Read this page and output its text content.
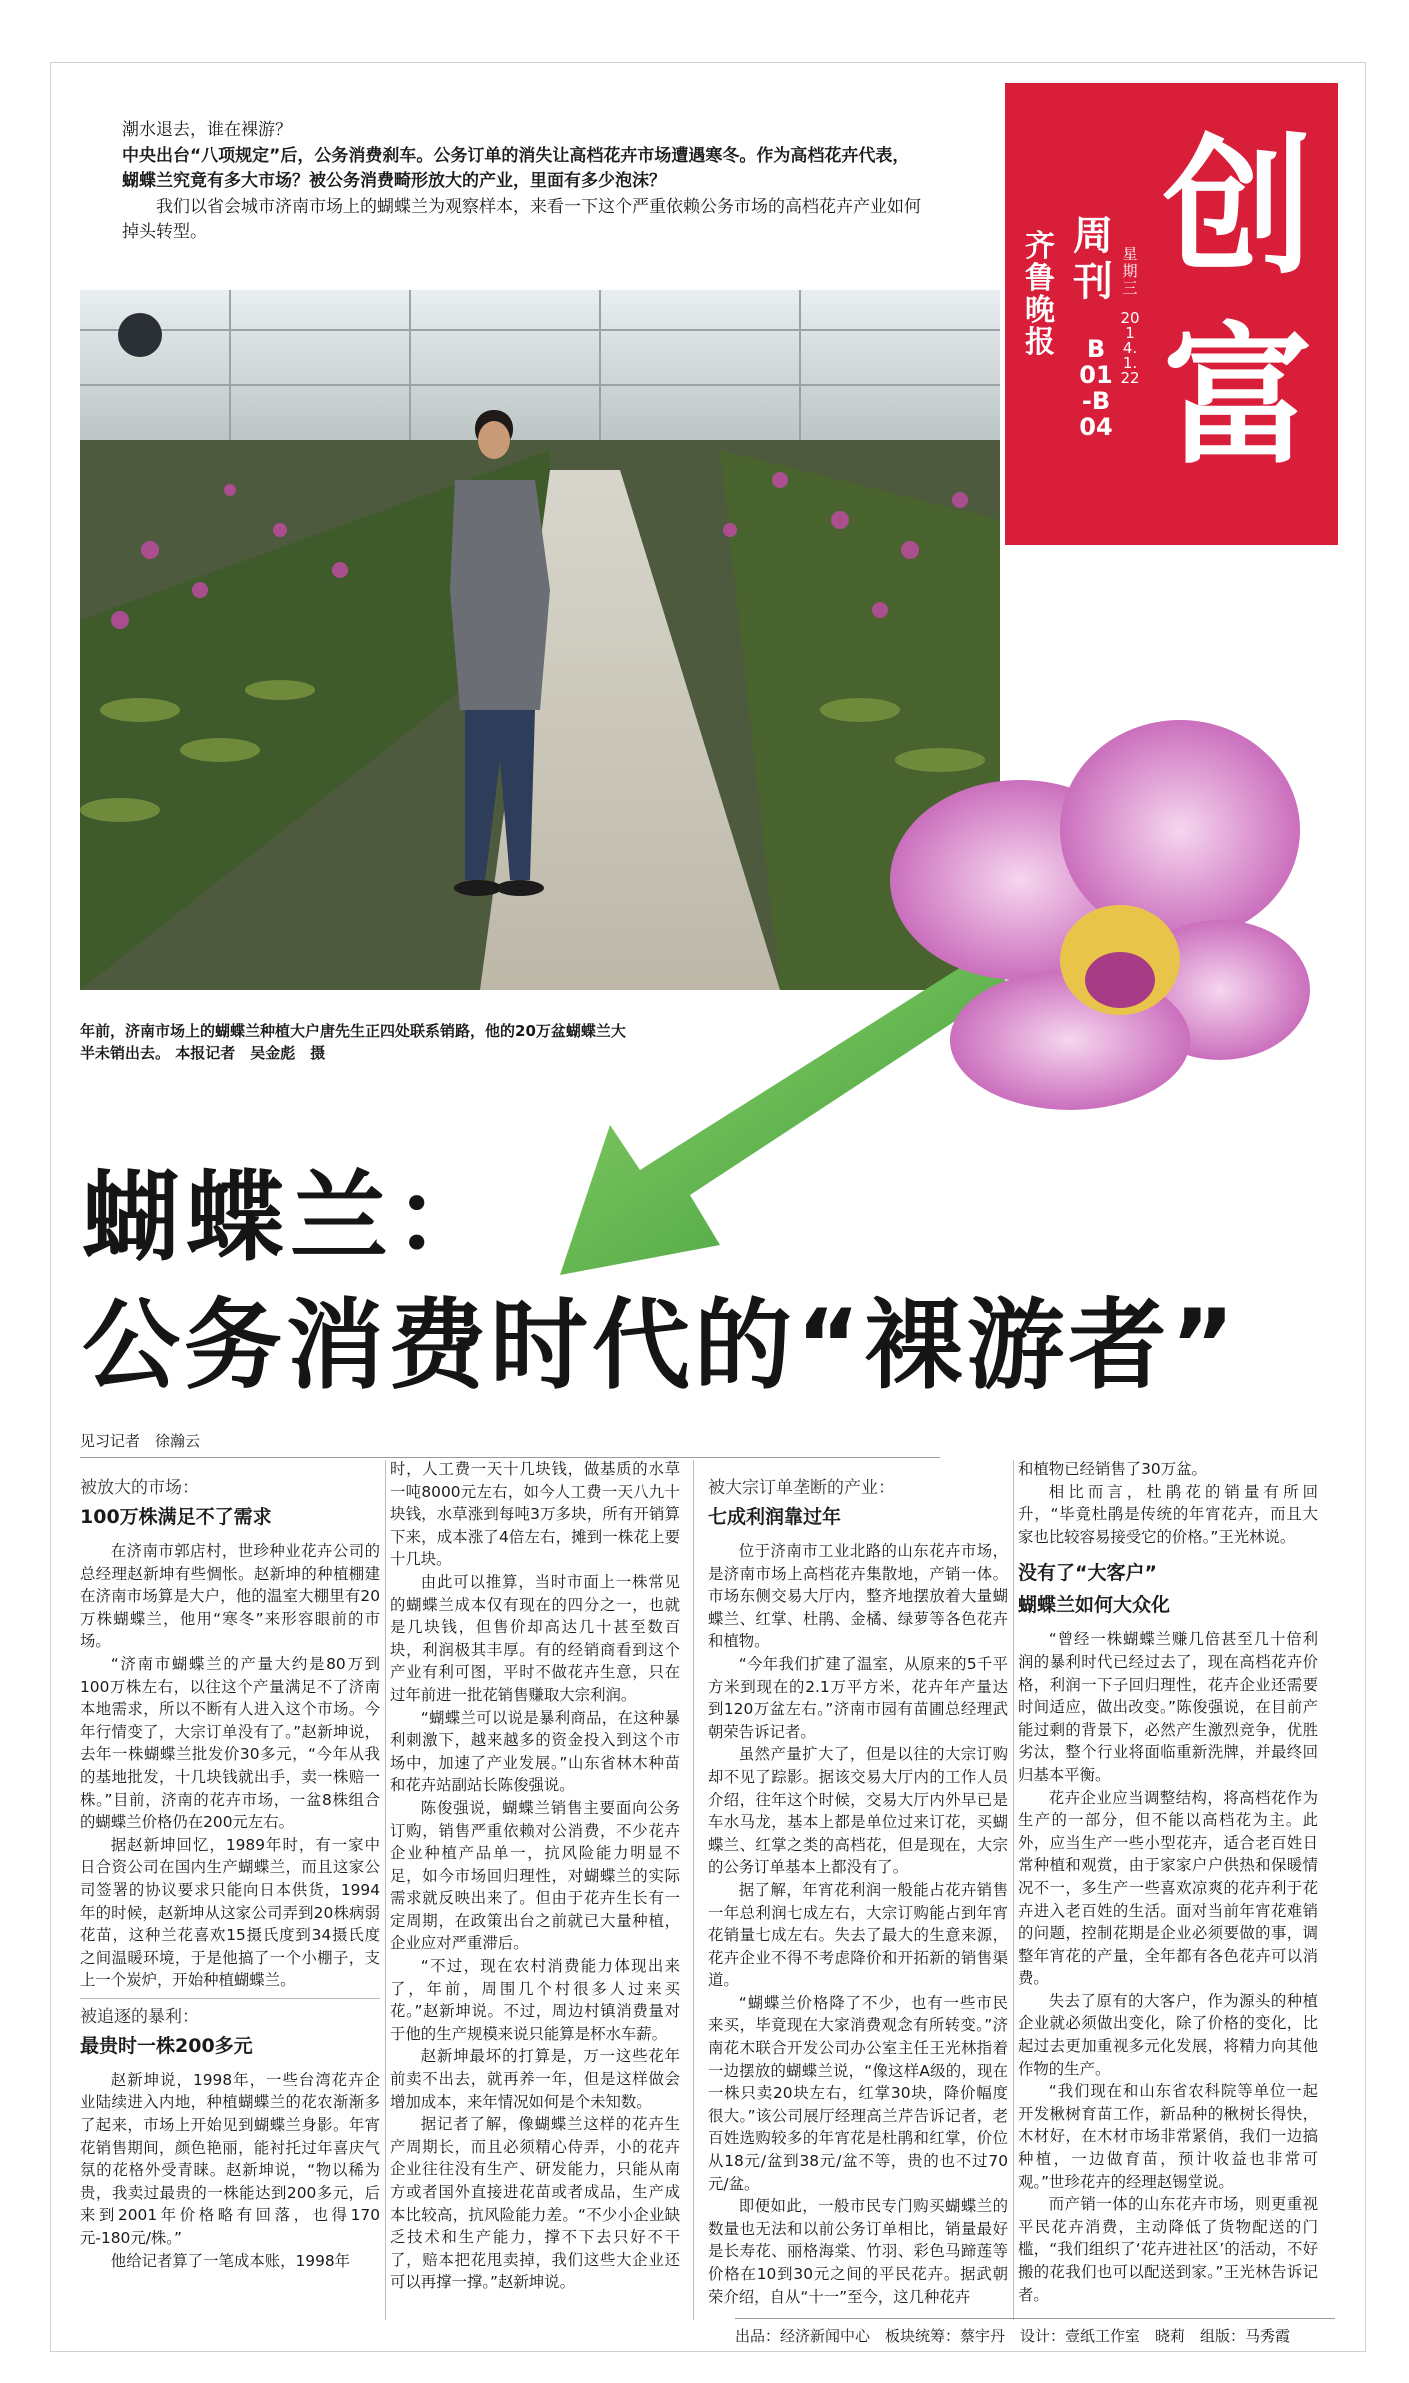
潮水退去，谁在裸游？

中央出台“八项规定”后，公务消费刹车。公务订单的消失让高档花卉市场遭遇寒冬。作为高档花卉代表，蝴蝶兰究竟有多大市场？被公务消费畸形放大的产业，里面有多少泡沫？

我们以省会城市济南市场上的蝴蝶兰为观察样本，来看一下这个严重依赖公务市场的高档花卉产业如何掉头转型。	齐鲁晚报
周刊
B01-B04
星期三
2014.1.22
创富
年前，济南市场上的蝴蝶兰种植大户唐先生正四处联系销路，他的20万盆蝴蝶兰大半未销出去。 本报记者　吴金彪　摄
蝴蝶兰：
公务消费时代的“裸游者”
见习记者　徐瀚云

被放大的市场：

100万株满足不了需求

在济南市郭店村，世珍种业花卉公司的总经理赵新坤有些惆怅。赵新坤的种植棚建在济南市场算是大户，他的温室大棚里有20万株蝴蝶兰，他用“寒冬”来形容眼前的市场。

“济南市蝴蝶兰的产量大约是80万到100万株左右，以往这个产量满足不了济南本地需求，所以不断有人进入这个市场。今年行情变了，大宗订单没有了。”赵新坤说，去年一株蝴蝶兰批发价30多元，“今年从我的基地批发，十几块钱就出手，卖一株赔一株。”目前，济南的花卉市场，一盆8株组合的蝴蝶兰价格仍在200元左右。

据赵新坤回忆，1989年时，有一家中日合资公司在国内生产蝴蝶兰，而且这家公司签署的协议要求只能向日本供货，1994年的时候，赵新坤从这家公司弄到20株病弱花苗，这种兰花喜欢15摄氏度到34摄氏度之间温暖环境，于是他搞了一个小棚子，支上一个炭炉，开始种植蝴蝶兰。

被追逐的暴利：

最贵时一株200多元

赵新坤说，1998年，一些台湾花卉企业陆续进入内地，种植蝴蝶兰的花农渐渐多了起来，市场上开始见到蝴蝶兰身影。年宵花销售期间，颜色艳丽，能衬托过年喜庆气氛的花格外受青睐。赵新坤说，“物以稀为贵，我卖过最贵的一株能达到200多元，后来到2001年价格略有回落，也得170元-180元/株。”

他给记者算了一笔成本账，1998年

时，人工费一天十几块钱，做基质的水草一吨8000元左右，如今人工费一天八九十块钱，水草涨到每吨3万多块，所有开销算下来，成本涨了4倍左右，摊到一株花上要十几块。

由此可以推算，当时市面上一株常见的蝴蝶兰成本仅有现在的四分之一，也就是几块钱，但售价却高达几十甚至数百块，利润极其丰厚。有的经销商看到这个产业有利可图，平时不做花卉生意，只在过年前进一批花销售赚取大宗利润。

“蝴蝶兰可以说是暴利商品，在这种暴利刺激下，越来越多的资金投入到这个市场中，加速了产业发展。”山东省林木种苗和花卉站副站长陈俊强说。

陈俊强说，蝴蝶兰销售主要面向公务订购，销售严重依赖对公消费，不少花卉企业种植产品单一，抗风险能力明显不足，如今市场回归理性，对蝴蝶兰的实际需求就反映出来了。但由于花卉生长有一定周期，在政策出台之前就已大量种植，企业应对严重滞后。

“不过，现在农村消费能力体现出来了，年前，周围几个村很多人过来买花。”赵新坤说。不过，周边村镇消费量对于他的生产规模来说只能算是杯水车薪。

赵新坤最坏的打算是，万一这些花年前卖不出去，就再养一年，但是这样做会增加成本，来年情况如何是个未知数。

据记者了解，像蝴蝶兰这样的花卉生产周期长，而且必须精心侍弄，小的花卉企业往往没有生产、研发能力，只能从南方或者国外直接进花苗或者成品，生产成本比较高，抗风险能力差。“不少小企业缺乏技术和生产能力，撑不下去只好不干了，赔本把花甩卖掉，我们这些大企业还可以再撑一撑。”赵新坤说。

被大宗订单垄断的产业：

七成利润靠过年

位于济南市工业北路的山东花卉市场，是济南市场上高档花卉集散地，产销一体。市场东侧交易大厅内，整齐地摆放着大量蝴蝶兰、红掌、杜鹃、金橘、绿萝等各色花卉和植物。

“今年我们扩建了温室，从原来的5千平方米到现在的2.1万平方米，花卉年产量达到120万盆左右。”济南市园有苗圃总经理武朝荣告诉记者。

虽然产量扩大了，但是以往的大宗订购却不见了踪影。据该交易大厅内的工作人员介绍，往年这个时候，交易大厅内外早已是车水马龙，基本上都是单位过来订花，买蝴蝶兰、红掌之类的高档花，但是现在，大宗的公务订单基本上都没有了。

据了解，年宵花利润一般能占花卉销售一年总利润七成左右，大宗订购能占到年宵花销量七成左右。失去了最大的生意来源，花卉企业不得不考虑降价和开拓新的销售渠道。

“蝴蝶兰价格降了不少，也有一些市民来买，毕竟现在大家消费观念有所转变。”济南花木联合开发公司办公室主任王光林指着一边摆放的蝴蝶兰说，“像这样A级的，现在一株只卖20块左右，红掌30块，降价幅度很大。”该公司展厅经理高兰芹告诉记者，老百姓选购较多的年宵花是杜鹃和红掌，价位从18元/盆到38元/盆不等，贵的也不过70元/盆。

即便如此，一般市民专门购买蝴蝶兰的数量也无法和以前公务订单相比，销量最好是长寿花、丽格海棠、竹羽、彩色马蹄莲等价格在10到30元之间的平民花卉。据武朝荣介绍，自从“十一”至今，这几种花卉

和植物已经销售了30万盆。

相比而言，杜鹃花的销量有所回升，“毕竟杜鹃是传统的年宵花卉，而且大家也比较容易接受它的价格。”王光林说。

没有了“大客户”

蝴蝶兰如何大众化

“曾经一株蝴蝶兰赚几倍甚至几十倍利润的暴利时代已经过去了，现在高档花卉价格，利润一下子回归理性，花卉企业还需要时间适应，做出改变。”陈俊强说，在目前产能过剩的背景下，必然产生激烈竞争，优胜劣汰，整个行业将面临重新洗牌，并最终回归基本平衡。

花卉企业应当调整结构，将高档花作为生产的一部分，但不能以高档花为主。此外，应当生产一些小型花卉，适合老百姓日常种植和观赏，由于家家户户供热和保暖情况不一，多生产一些喜欢凉爽的花卉利于花卉进入老百姓的生活。面对当前年宵花难销的问题，控制花期是企业必须要做的事，调整年宵花的产量，全年都有各色花卉可以消费。

失去了原有的大客户，作为源头的种植企业就必须做出变化，除了价格的变化，比起过去更加重视多元化发展，将精力向其他作物的生产。

“我们现在和山东省农科院等单位一起开发楸树育苗工作，新品种的楸树长得快，木材好，在木材市场非常紧俏，我们一边搞种植，一边做育苗，预计收益也非常可观。”世珍花卉的经理赵锡堂说。

而产销一体的山东花卉市场，则更重视平民花卉消费，主动降低了货物配送的门槛，“我们组织了‘花卉进社区’的活动，不好搬的花我们也可以配送到家。”王光林告诉记者。

出品：经济新闻中心　板块统筹：蔡宇丹　设计：壹纸工作室　晓莉　组版：马秀霞
